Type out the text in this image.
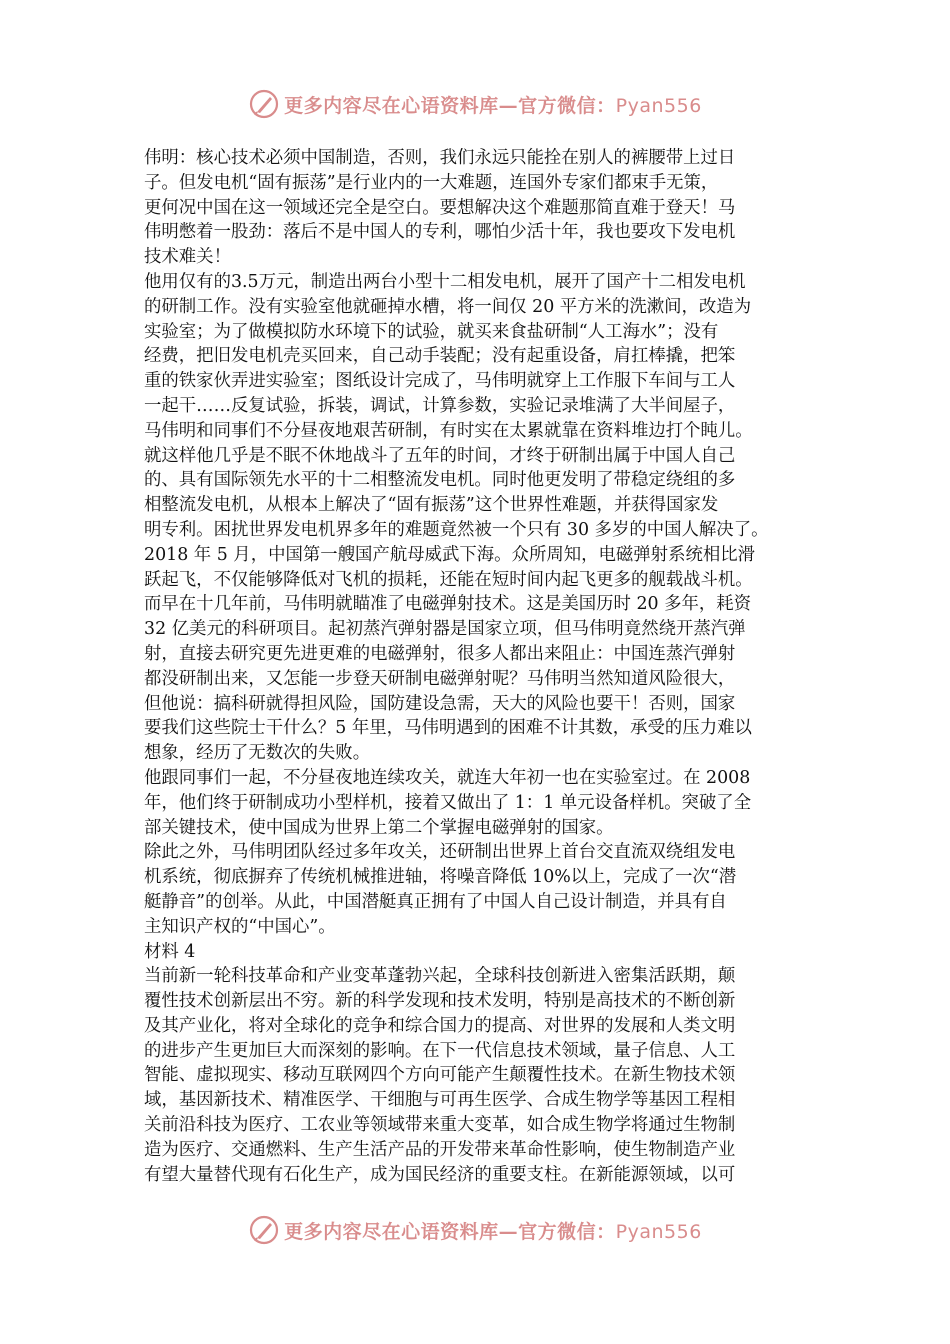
更多内容尽在心语资料库—官方微信：Pyan556
伟明：核心技术必须中国制造，否则，我们永远只能拴在别人的裤腰带上过日
子。但发电机“固有振荡”是行业内的一大难题，连国外专家们都束手无策，
更何况中国在这一领域还完全是空白。要想解决这个难题那简直难于登天！马
伟明憋着一股劲：落后不是中国人的专利，哪怕少活十年，我也要攻下发电机
技术难关！
他用仅有的3.5万元，制造出两台小型十二相发电机，展开了国产十二相发电机
的研制工作。没有实验室他就砸掉水槽，将一间仅 20 平方米的洗漱间，改造为
实验室；为了做模拟防水环境下的试验，就买来食盐研制“人工海水”；没有
经费，把旧发电机壳买回来，自己动手装配；没有起重设备，肩扛棒撬，把笨
重的铁家伙弄进实验室；图纸设计完成了，马伟明就穿上工作服下车间与工人
一起干……反复试验，拆装，调试，计算参数，实验记录堆满了大半间屋子，
马伟明和同事们不分昼夜地艰苦研制，有时实在太累就靠在资料堆边打个盹儿。
就这样他几乎是不眠不休地战斗了五年的时间，才终于研制出属于中国人自己
的、具有国际领先水平的十二相整流发电机。同时他更发明了带稳定绕组的多
相整流发电机，从根本上解决了“固有振荡”这个世界性难题，并获得国家发
明专利。困扰世界发电机界多年的难题竟然被一个只有 30 多岁的中国人解决了。
2018 年 5 月，中国第一艘国产航母威武下海。众所周知，电磁弹射系统相比滑
跃起飞，不仅能够降低对飞机的损耗，还能在短时间内起飞更多的舰载战斗机。
而早在十几年前，马伟明就瞄准了电磁弹射技术。这是美国历时 20 多年，耗资
32 亿美元的科研项目。起初蒸汽弹射器是国家立项，但马伟明竟然绕开蒸汽弹
射，直接去研究更先进更难的电磁弹射，很多人都出来阻止：中国连蒸汽弹射
都没研制出来，又怎能一步登天研制电磁弹射呢？马伟明当然知道风险很大，
但他说：搞科研就得担风险，国防建设急需，天大的风险也要干！否则，国家
要我们这些院士干什么？5 年里，马伟明遇到的困难不计其数，承受的压力难以
想象，经历了无数次的失败。
他跟同事们一起，不分昼夜地连续攻关，就连大年初一也在实验室过。在 2008
年，他们终于研制成功小型样机，接着又做出了 1：1 单元设备样机。突破了全
部关键技术，使中国成为世界上第二个掌握电磁弹射的国家。
除此之外，马伟明团队经过多年攻关，还研制出世界上首台交直流双绕组发电
机系统，彻底摒弃了传统机械推进轴，将噪音降低 10%以上，完成了一次“潜
艇静音”的创举。从此，中国潜艇真正拥有了中国人自己设计制造，并具有自
主知识产权的“中国心”。
材料 4
当前新一轮科技革命和产业变革蓬勃兴起，全球科技创新进入密集活跃期，颠
覆性技术创新层出不穷。新的科学发现和技术发明，特别是高技术的不断创新
及其产业化，将对全球化的竞争和综合国力的提高、对世界的发展和人类文明
的进步产生更加巨大而深刻的影响。在下一代信息技术领域，量子信息、人工
智能、虚拟现实、移动互联网四个方向可能产生颠覆性技术。在新生物技术领
域，基因新技术、精准医学、干细胞与可再生医学、合成生物学等基因工程相
关前沿科技为医疗、工农业等领域带来重大变革，如合成生物学将通过生物制
造为医疗、交通燃料、生产生活产品的开发带来革命性影响，使生物制造产业
有望大量替代现有石化生产，成为国民经济的重要支柱。在新能源领域，以可
更多内容尽在心语资料库—官方微信：Pyan556
